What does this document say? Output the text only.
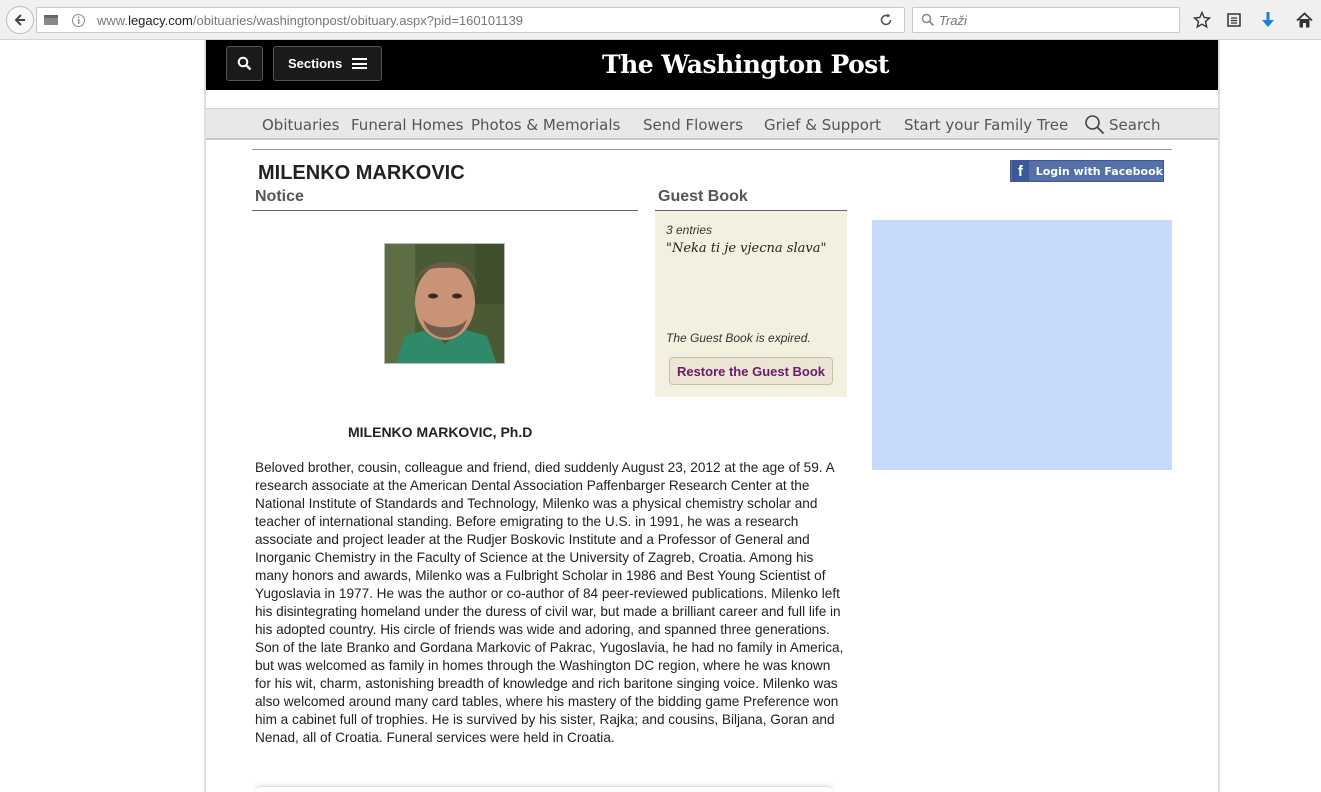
www.legacy.com/obituaries/washingtonpost/obituary.aspx?pid=160101139
Traži
Sections	The Washington Post
Obituaries Funeral Homes Photos & Memorials Send Flowers Grief & Support Start your Family Tree	Search
MILENKO MARKOVIC	f	Login with Facebook
Notice	Guest Book
3 entries
"Neka ti je vjecna slava"
The Guest Book is expired.
Restore the Guest Book
MILENKO MARKOVIC, Ph.D
Beloved brother, cousin, colleague and friend, died suddenly August 23, 2012 at the age of 59. A research associate at the American Dental Association Paffenbarger Research Center at the National Institute of Standards and Technology, Milenko was a physical chemistry scholar and teacher of international standing. Before emigrating to the U.S. in 1991, he was a research associate and project leader at the Rudjer Boskovic Institute and a Professor of General and Inorganic Chemistry in the Faculty of Science at the University of Zagreb, Croatia. Among his many honors and awards, Milenko was a Fulbright Scholar in 1986 and Best Young Scientist of Yugoslavia in 1977. He was the author or co-author of 84 peer-reviewed publications. Milenko left his disintegrating homeland under the duress of civil war, but made a brilliant career and full life in his adopted country. His circle of friends was wide and adoring, and spanned three generations. Son of the late Branko and Gordana Markovic of Pakrac, Yugoslavia, he had no family in America, but was welcomed as family in homes through the Washington DC region, where he was known for his wit, charm, astonishing breadth of knowledge and rich baritone singing voice. Milenko was also welcomed around many card tables, where his mastery of the bidding game Preference won him a cabinet full of trophies. He is survived by his sister, Rajka; and cousins, Biljana, Goran and Nenad, all of Croatia. Funeral services were held in Croatia.
